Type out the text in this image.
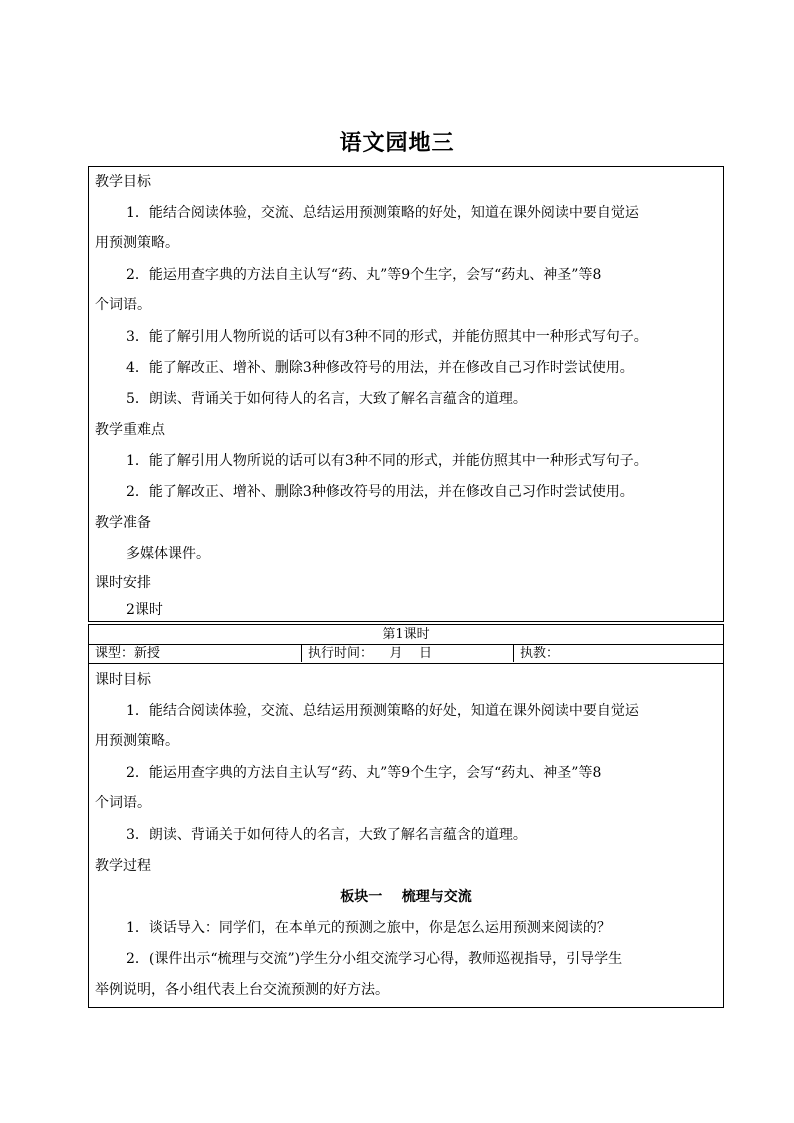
语文园地三
教学目标
1．能结合阅读体验，交流、总结运用预测策略的好处，知道在课外阅读中要自觉运
用预测策略。
2．能运用查字典的方法自主认写“药、丸”等9个生字，会写“药丸、神圣”等8
个词语。
3．能了解引用人物所说的话可以有3种不同的形式，并能仿照其中一种形式写句子。
4．能了解改正、增补、删除3种修改符号的用法，并在修改自己习作时尝试使用。
5．朗读、背诵关于如何待人的名言，大致了解名言蕴含的道理。
教学重难点
1．能了解引用人物所说的话可以有3种不同的形式，并能仿照其中一种形式写句子。
2．能了解改正、增补、删除3种修改符号的用法，并在修改自己习作时尝试使用。
教学准备
多媒体课件。
课时安排
2课时
第1课时
课型：新授	执行时间：    月    日	执教：
课时目标
1．能结合阅读体验，交流、总结运用预测策略的好处，知道在课外阅读中要自觉运
用预测策略。
2．能运用查字典的方法自主认写“药、丸”等9个生字，会写“药丸、神圣”等8
个词语。
3．朗读、背诵关于如何待人的名言，大致了解名言蕴含的道理。
教学过程
板块一    梳理与交流
1．谈话导入：同学们，在本单元的预测之旅中，你是怎么运用预测来阅读的？
2．(课件出示“梳理与交流”)学生分小组交流学习心得，教师巡视指导，引导学生
举例说明，各小组代表上台交流预测的好方法。
